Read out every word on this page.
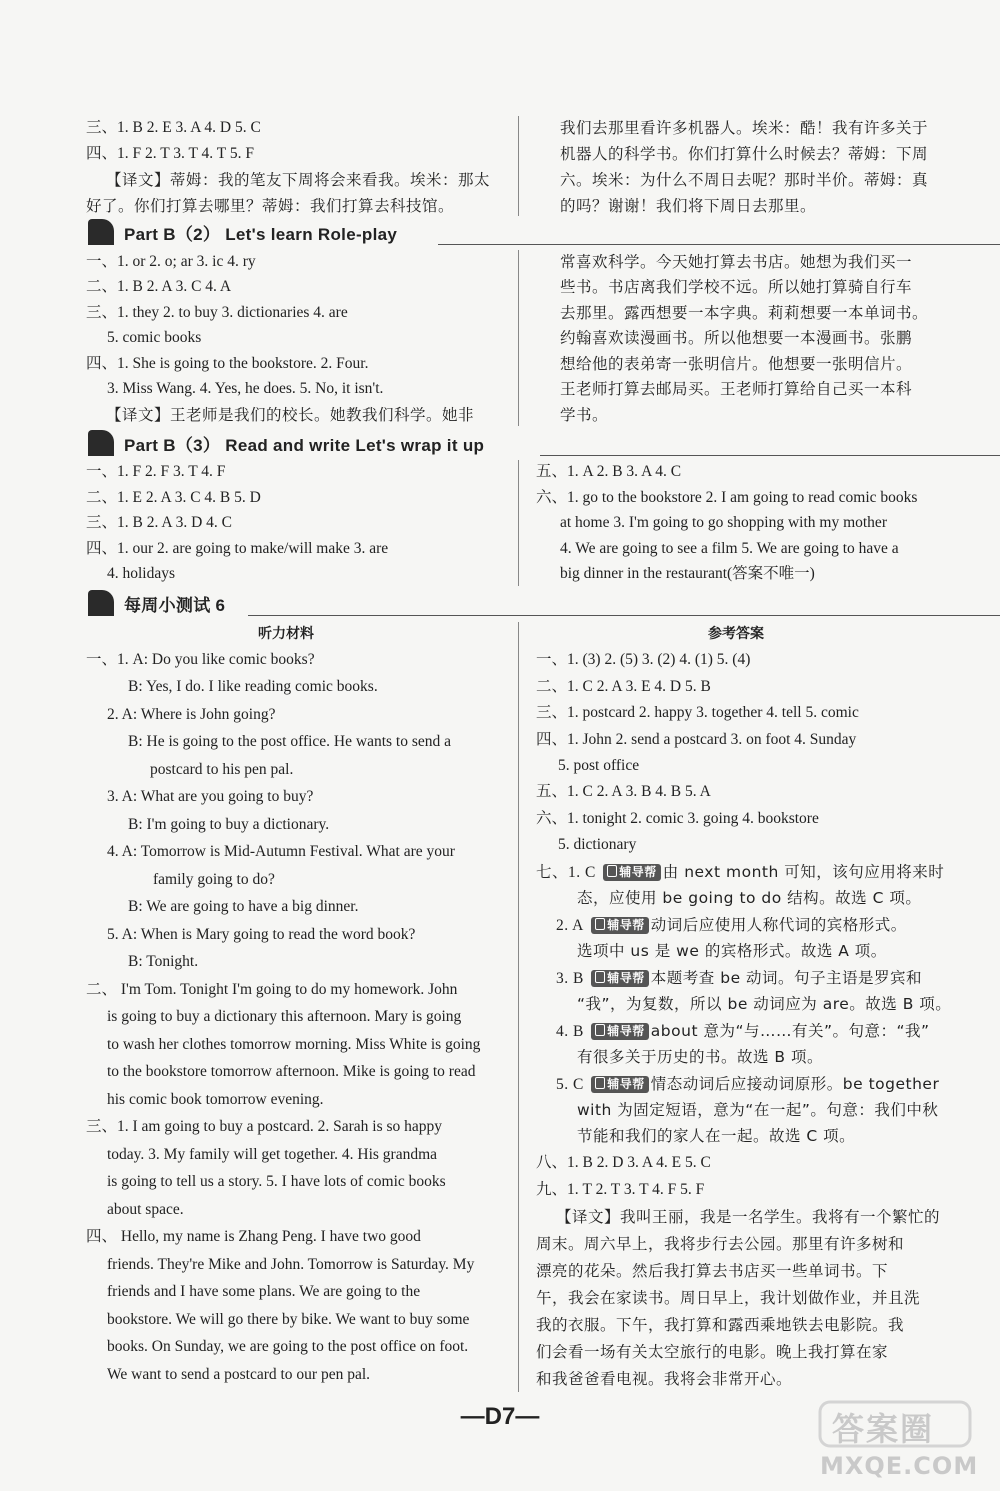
三、1. B 2. E 3. A 4. D 5. C
四、1. F 2. T 3. T 4. T 5. F
【译文】蒂姆：我的笔友下周将会来看我。埃米：那太
好了。你们打算去哪里？蒂姆：我们打算去科技馆。
我们去那里看许多机器人。埃米：酷！我有许多关于
机器人的科学书。你们打算什么时候去？蒂姆：下周
六。埃米：为什么不周日去呢？那时半价。蒂姆：真
的吗？谢谢！我们将下周日去那里。
Part B（2） Let's learn Role-play
一、1. or 2. o; ar 3. ic 4. ry
二、1. B 2. A 3. C 4. A
三、1. they 2. to buy 3. dictionaries 4. are
5. comic books
四、1. She is going to the bookstore. 2. Four.
3. Miss Wang. 4. Yes, he does. 5. No, it isn't.
【译文】王老师是我们的校长。她教我们科学。她非
常喜欢科学。今天她打算去书店。她想为我们买一
些书。书店离我们学校不远。所以她打算骑自行车
去那里。露西想要一本字典。莉莉想要一本单词书。
约翰喜欢读漫画书。所以他想要一本漫画书。张鹏
想给他的表弟寄一张明信片。他想要一张明信片。
王老师打算去邮局买。王老师打算给自己买一本科
学书。
Part B（3） Read and write Let's wrap it up
一、1. F 2. F 3. T 4. F
二、1. E 2. A 3. C 4. B 5. D
三、1. B 2. A 3. D 4. C
四、1. our 2. are going to make/will make 3. are
4. holidays
五、1. A 2. B 3. A 4. C
六、1. go to the bookstore 2. I am going to read comic books
at home 3. I'm going to go shopping with my mother
4. We are going to see a film 5. We are going to have a
big dinner in the restaurant(答案不唯一)
每周小测试 6
听力材料	参考答案
一、1. A: Do you like comic books?
B: Yes, I do. I like reading comic books.
2. A: Where is John going?
B: He is going to the post office. He wants to send a
postcard to his pen pal.
3. A: What are you going to buy?
B: I'm going to buy a dictionary.
4. A: Tomorrow is Mid-Autumn Festival. What are your
family going to do?
B: We are going to have a big dinner.
5. A: When is Mary going to read the word book?
B: Tonight.
二、 I'm Tom. Tonight I'm going to do my homework. John
is going to buy a dictionary this afternoon. Mary is going
to wash her clothes tomorrow morning. Miss White is going
to the bookstore tomorrow afternoon. Mike is going to read
his comic book tomorrow evening.
三、1. I am going to buy a postcard. 2. Sarah is so happy
today. 3. My family will get together. 4. His grandma
is going to tell us a story. 5. I have lots of comic books
about space.
四、 Hello, my name is Zhang Peng. I have two good
friends. They're Mike and John. Tomorrow is Saturday. My
friends and I have some plans. We are going to the
bookstore. We will go there by bike. We want to buy some
books. On Sunday, we are going to the post office on foot.
We want to send a postcard to our pen pal.
一、1. (3) 2. (5) 3. (2) 4. (1) 5. (4)
二、1. C 2. A 3. E 4. D 5. B
三、1. postcard 2. happy 3. together 4. tell 5. comic
四、1. John 2. send a postcard 3. on foot 4. Sunday
5. post office
五、1. C 2. A 3. B 4. B 5. A
六、1. tonight 2. comic 3. going 4. bookstore
5. dictionary
七、1. C 辅导帮 由 next month 可知，该句应用将来时
态，应使用 be going to do 结构。故选 C 项。
2. A 辅导帮 动词后应使用人称代词的宾格形式。
选项中 us 是 we 的宾格形式。故选 A 项。
3. B 辅导帮 本题考查 be 动词。句子主语是罗宾和
“我”，为复数，所以 be 动词应为 are。故选 B 项。
4. B 辅导帮 about 意为“与……有关”。句意：“我”
有很多关于历史的书。故选 B 项。
5. C 辅导帮 情态动词后应接动词原形。be together
with 为固定短语，意为“在一起”。句意：我们中秋
节能和我们的家人在一起。故选 C 项。
八、1. B 2. D 3. A 4. E 5. C
九、1. T 2. T 3. T 4. F 5. F
【译文】我叫王丽，我是一名学生。我将有一个繁忙的
周末。周六早上，我将步行去公园。那里有许多树和
漂亮的花朵。然后我打算去书店买一些单词书。下
午，我会在家读书。周日早上，我计划做作业，并且洗
我的衣服。下午，我打算和露西乘地铁去电影院。我
们会看一场有关太空旅行的电影。晚上我打算在家
和我爸爸看电视。我将会非常开心。
—D7—	答案圈
MXQE.COM
